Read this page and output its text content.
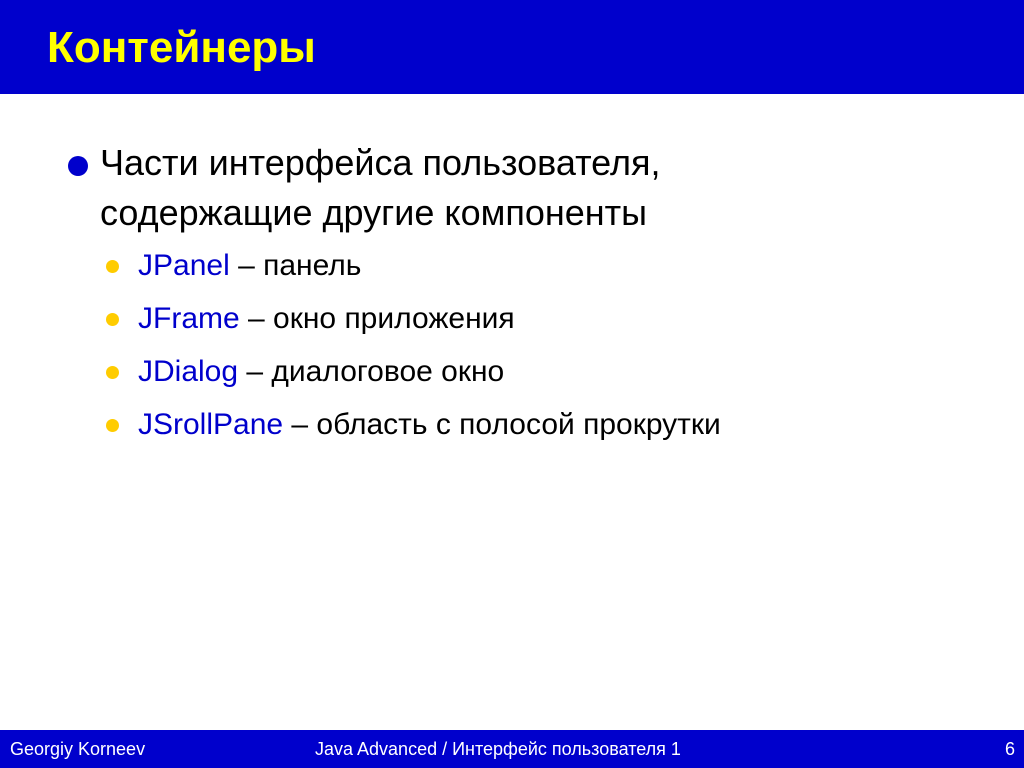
Контейнеры
Части интерфейса пользователя, содержащие другие компоненты
JPanel – панель
JFrame – окно приложения
JDialog – диалоговое окно
JSrollPane – область с полосой прокрутки
Georgiy Korneev	Java Advanced / Интерфейс пользователя 1	6
